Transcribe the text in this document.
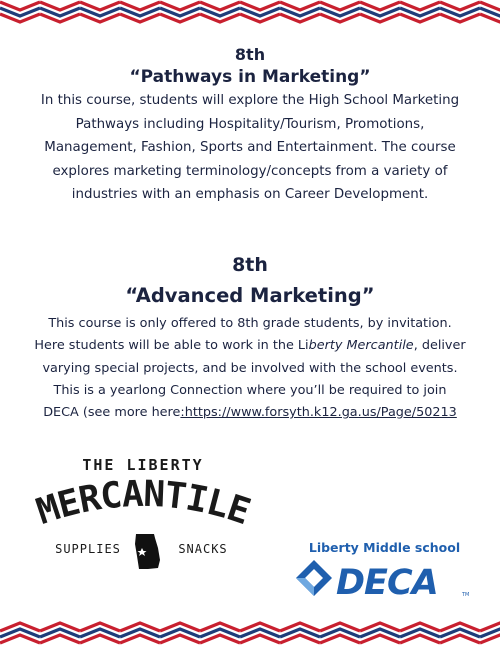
8th
“Pathways in Marketing”
In this course, students will explore the High School Marketing
Pathways including Hospitality/Tourism, Promotions,
Management, Fashion, Sports and Entertainment. The course
explores marketing terminology/concepts from a variety of
industries with an emphasis on Career Development.
8th
“Advanced Marketing”
This course is only offered to 8th grade students, by invitation.
Here students will be able to work in the Liberty Mercantile, deliver
varying special projects, and be involved with the school events.
This is a yearlong Connection where you’ll be required to join
DECA (see more here:https://www.forsyth.k12.ga.us/Page/50213
THE LIBERTY
MERCANTILE
SUPPLIES	SNACKS	Liberty Middle school
DECA	TM
